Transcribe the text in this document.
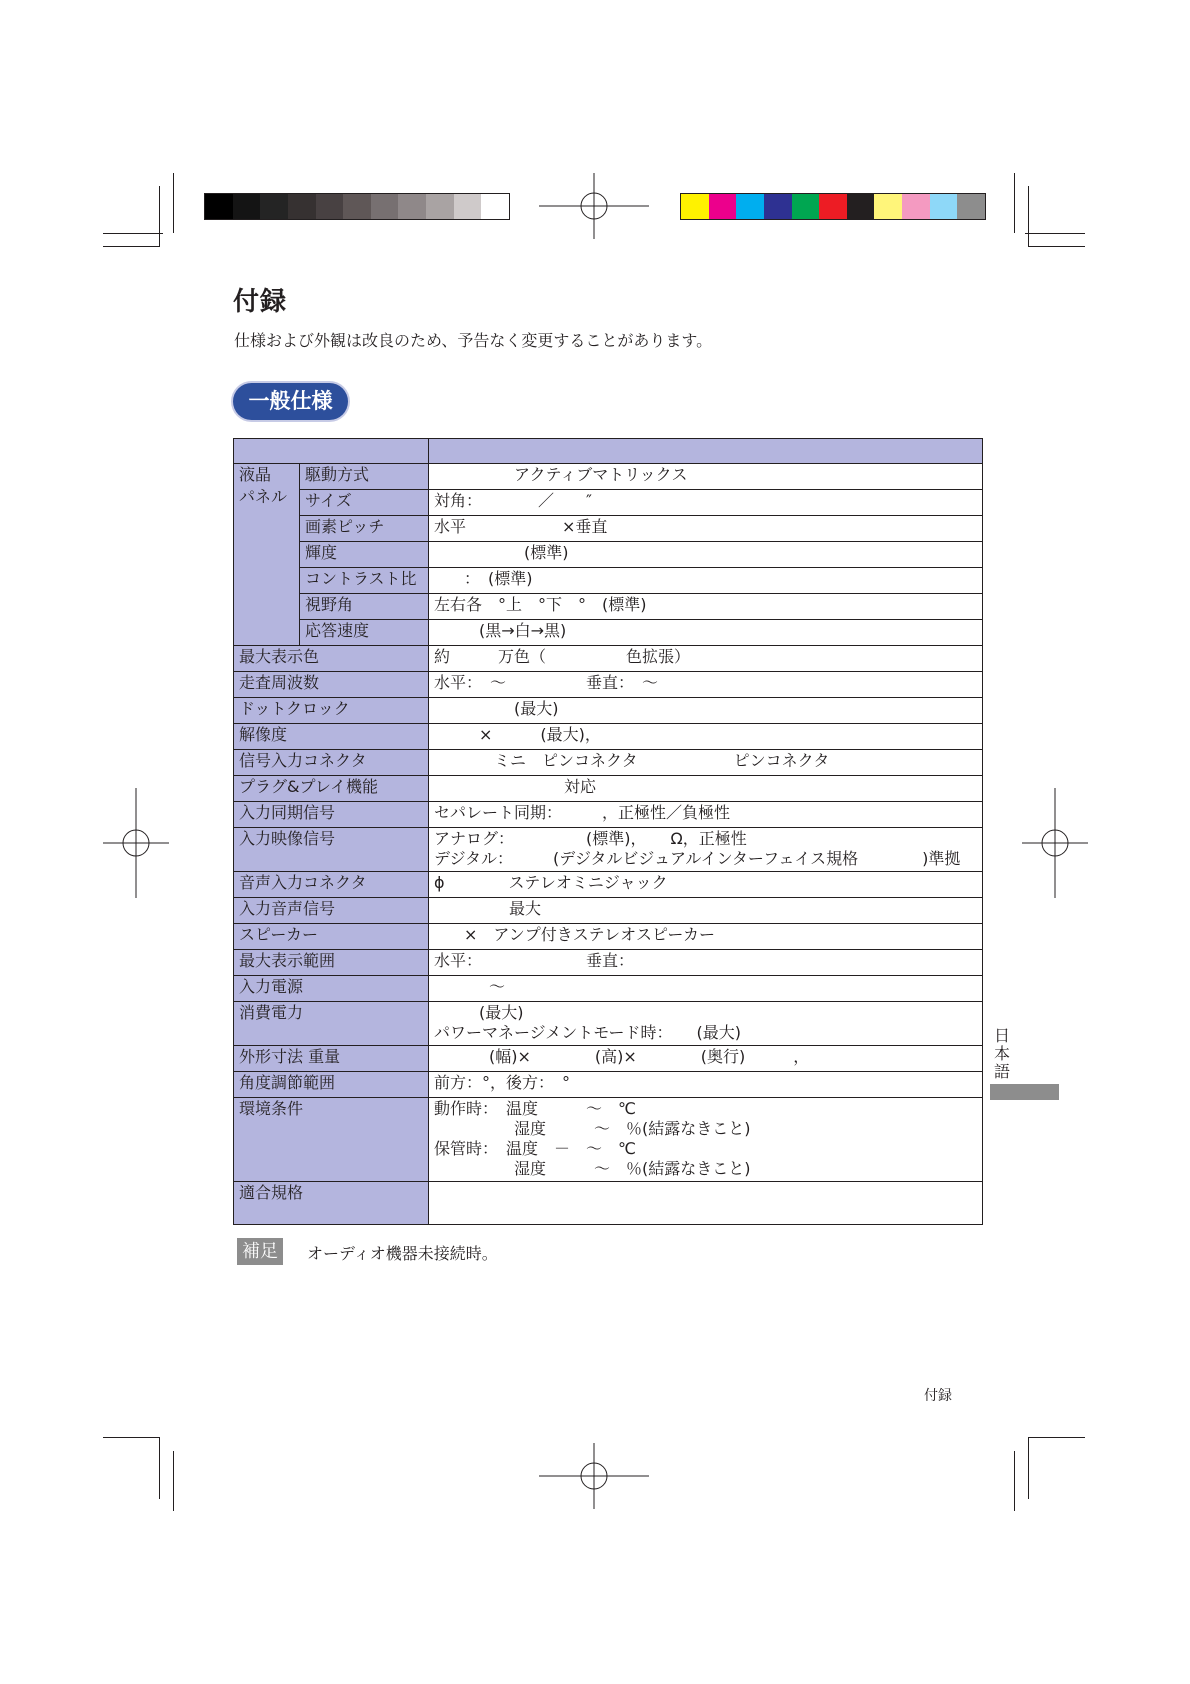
付録
仕様および外観は改良のため、予告なく変更することがあります。
一般仕様

液晶
パネル	駆動方式	アクティブマトリックス
	サイズ	対角：　　　　／　　″
	画素ピッチ	水平　　　　　　×垂直
	輝度	(標準)
	コントラスト比	：　(標準)
	視野角	左右各　°上　°下　°　(標準)
	応答速度	(黒→白→黒)
最大表示色		約　　　万色（　　　　　色拡張）
走査周波数		水平：　～　　　　　垂直：　～
ドットクロック		(最大)
解像度		×　　　(最大)，
信号入力コネクタ		ミニ　ピンコネクタ　　　　　　ピンコネクタ
プラグ&プレイ機能		対応
入力同期信号		セパレート同期：　　　，正極性／負極性
入力映像信号		アナログ：　　　　　(標準)，　　Ω，正極性
デジタル：　　　(デジタルビジュアルインターフェイス規格　　　　)準拠

音声入力コネクタ		ϕ　　　　ステレオミニジャック
入力音声信号		最大
スピーカー		×　アンプ付きステレオスピーカー
最大表示範囲		水平：　　　　　　　垂直：
入力電源		～
消費電力		(最大)
パワーマネージメントモード時：　　(最大)

外形寸法 重量		(幅)×　　　　(高)×　　　　(奥行)　　　，
角度調節範囲		前方：°，後方：　°
環境条件		動作時：　温度　　　～　℃
湿度　　　～　％(結露なきこと)
保管時：　温度　－　～　℃
湿度　　　～　％(結露なきこと)

適合規格		
補足	オーディオ機器未接続時。
日
本
語
付録
